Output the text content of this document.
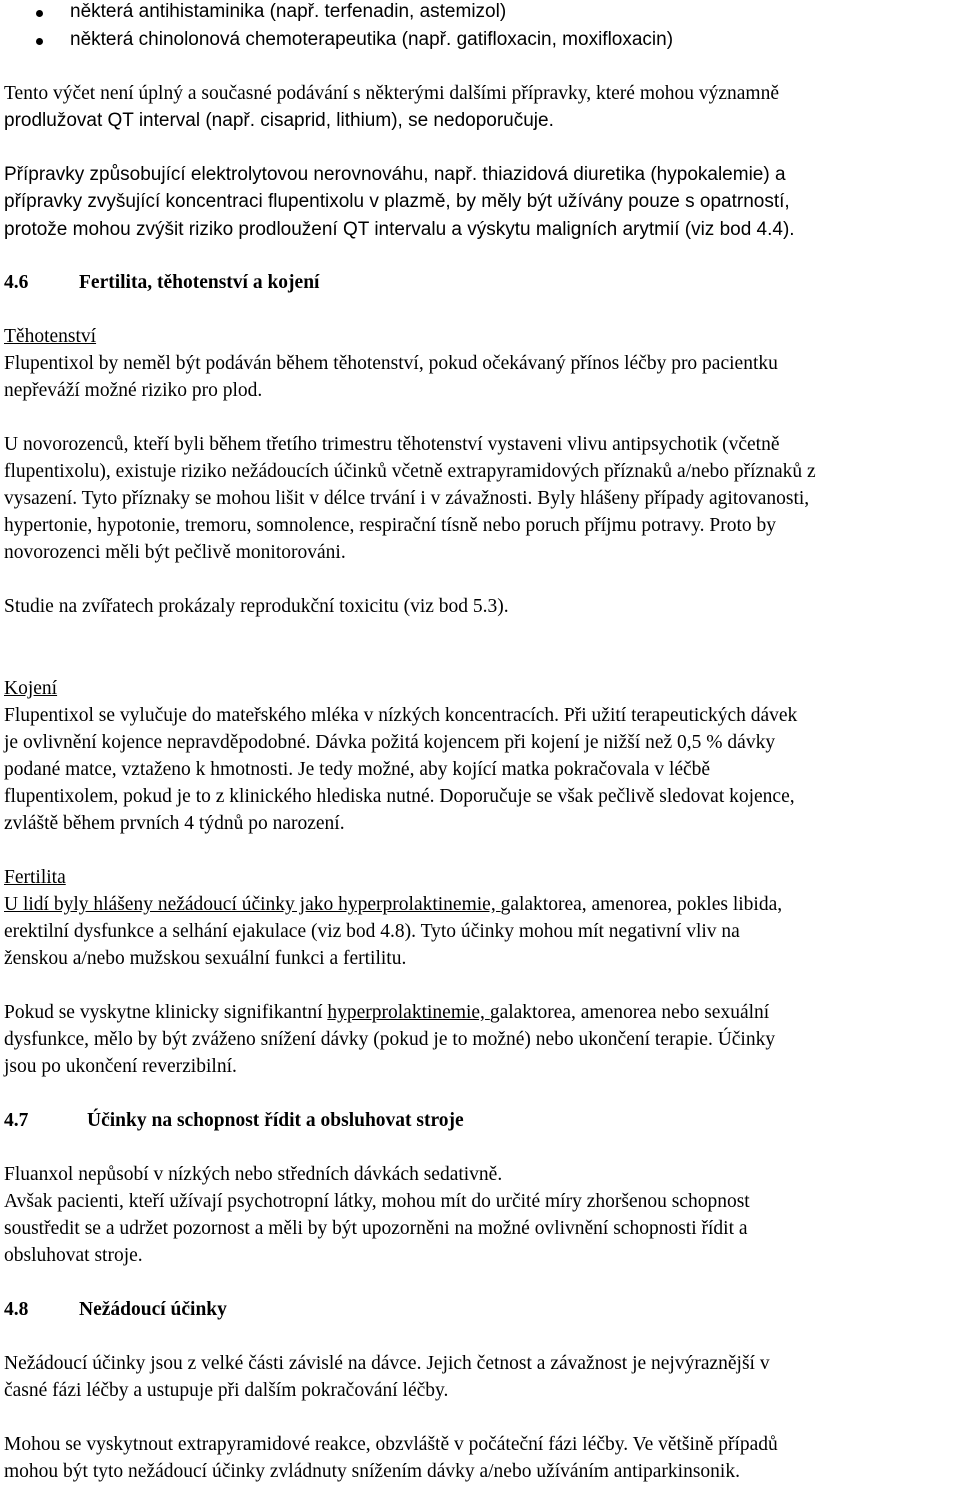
některá antihistaminika (např. terfenadin, astemizol)
některá chinolonová chemoterapeutika (např. gatifloxacin, moxifloxacin)
Tento výčet není úplný a současné podávání s některými dalšími přípravky, které mohou významně
prodlužovat QT interval (např. cisaprid, lithium), se nedoporučuje.
Přípravky způsobující elektrolytovou nerovnováhu, např. thiazidová diuretika (hypokalemie) a
přípravky zvyšující koncentraci flupentixolu v plazmě, by měly být užívány pouze s opatrností,
protože mohou zvýšit riziko prodloužení QT intervalu a výskytu maligních arytmií (viz bod 4.4).
4.6	Fertilita, těhotenství a kojení
Těhotenství
Flupentixol by neměl být podáván během těhotenství, pokud očekávaný přínos léčby pro pacientku
nepřeváží možné riziko pro plod.
U novorozenců, kteří byli během třetího trimestru těhotenství vystaveni vlivu antipsychotik (včetně
flupentixolu), existuje riziko nežádoucích účinků včetně extrapyramidových příznaků a/nebo příznaků z
vysazení. Tyto příznaky se mohou lišit v délce trvání i v závažnosti. Byly hlášeny případy agitovanosti,
hypertonie, hypotonie, tremoru, somnolence, respirační tísně nebo poruch příjmu potravy. Proto by
novorozenci měli být pečlivě monitorováni.
Studie na zvířatech prokázaly reprodukční toxicitu (viz bod 5.3).
Kojení
Flupentixol se vylučuje do mateřského mléka v nízkých koncentracích. Při užití terapeutických dávek
je ovlivnění kojence nepravděpodobné. Dávka požitá kojencem při kojení je nižší než 0,5 % dávky
podané matce, vztaženo k hmotnosti. Je tedy možné, aby kojící matka pokračovala v léčbě
flupentixolem, pokud je to z klinického hlediska nutné. Doporučuje se však pečlivě sledovat kojence,
zvláště během prvních 4 týdnů po narození.
Fertilita
U lidí byly hlášeny nežádoucí účinky jako hyperprolaktinemie, galaktorea, amenorea, pokles libida,
erektilní dysfunkce a selhání ejakulace (viz bod 4.8). Tyto účinky mohou mít negativní vliv na
ženskou a/nebo mužskou sexuální funkci a fertilitu.
Pokud se vyskytne klinicky signifikantní hyperprolaktinemie, galaktorea, amenorea nebo sexuální
dysfunkce, mělo by být zváženo snížení dávky (pokud je to možné) nebo ukončení terapie. Účinky
jsou po ukončení reverzibilní.
4.7	Účinky na schopnost řídit a obsluhovat stroje
Fluanxol nepůsobí v nízkých nebo středních dávkách sedativně.
Avšak pacienti, kteří užívají psychotropní látky, mohou mít do určité míry zhoršenou schopnost
soustředit se a udržet pozornost a měli by být upozorněni na možné ovlivnění schopnosti řídit a
obsluhovat stroje.
4.8	Nežádoucí účinky
Nežádoucí účinky jsou z velké části závislé na dávce. Jejich četnost a závažnost je nejvýraznější v
časné fázi léčby a ustupuje při dalším pokračování léčby.
Mohou se vyskytnout extrapyramidové reakce, obzvláště v počáteční fázi léčby. Ve většině případů
mohou být tyto nežádoucí účinky zvládnuty snížením dávky a/nebo užíváním antiparkinsonik.
